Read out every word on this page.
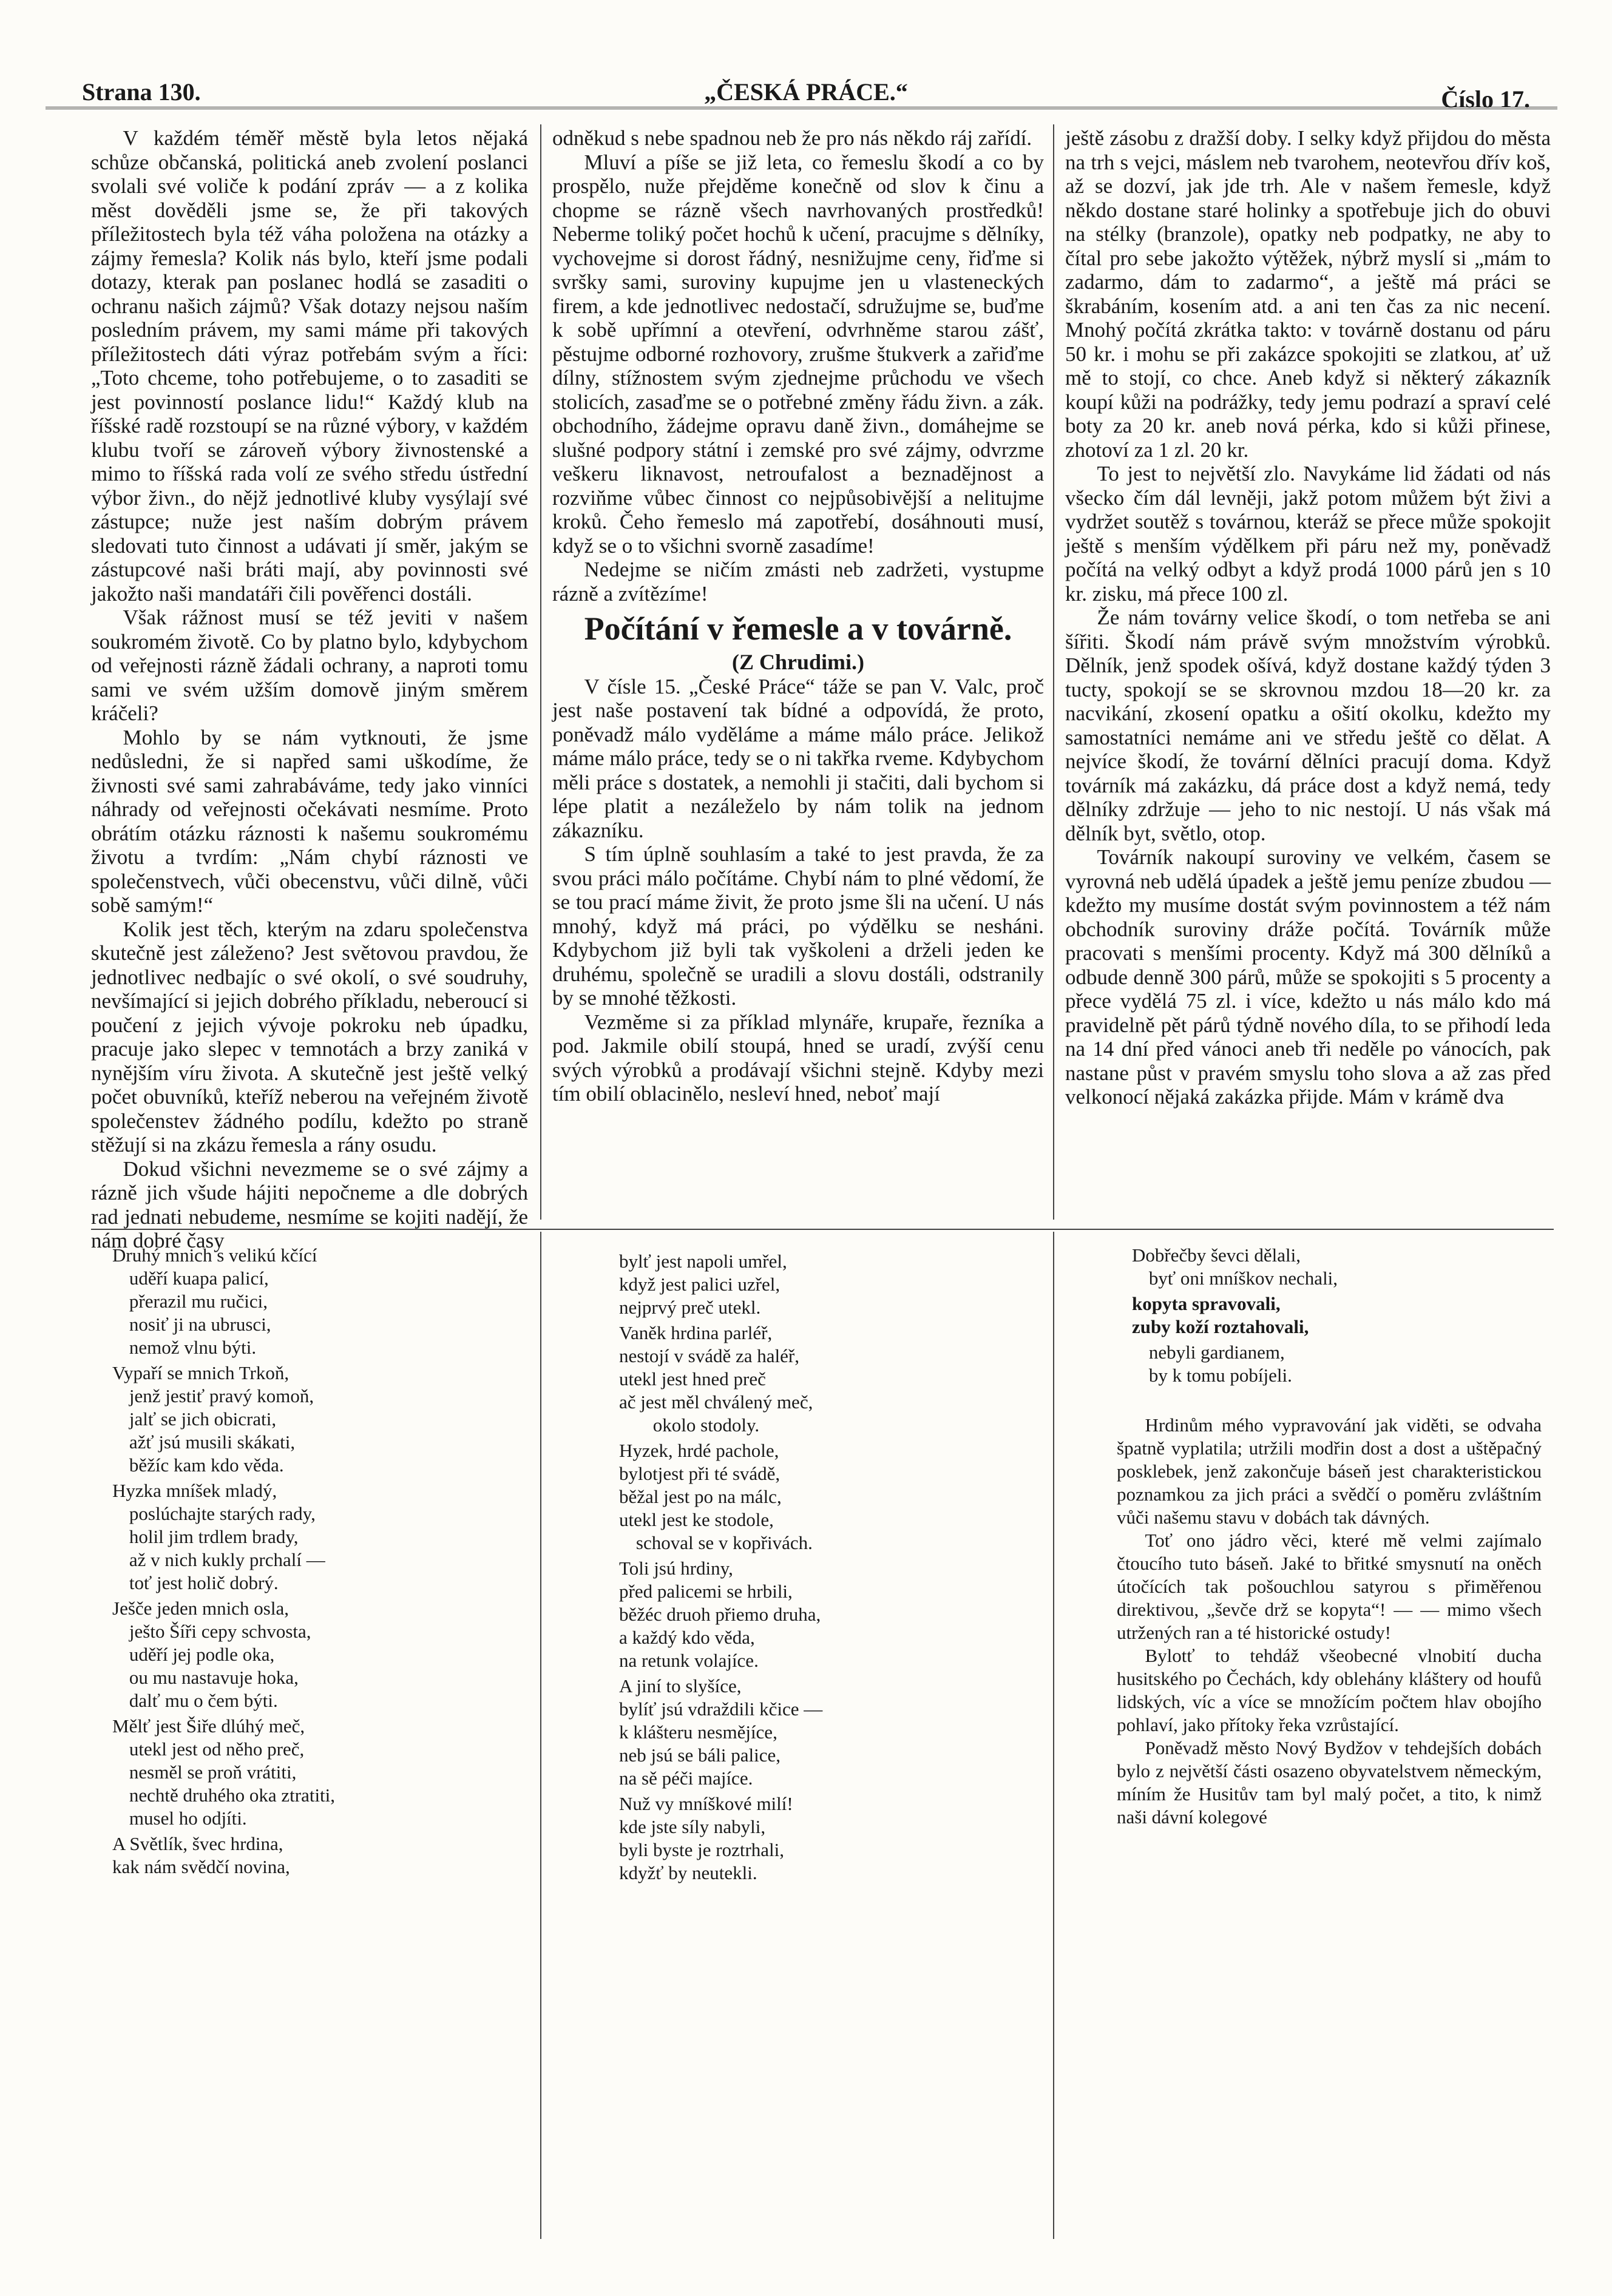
Strana 130.	„ČESKÁ PRÁCE.“	Číslo 17.

V každém téměř městě byla letos nějaká schůze občanská, politická aneb zvolení poslanci svolali své voliče k podání zpráv — a z kolika měst dověděli jsme se, že při takových příležitostech byla též váha položena na otázky a zájmy řemesla? Kolik nás bylo, kteří jsme podali dotazy, kterak pan poslanec hodlá se zasaditi o ochranu našich zájmů? Však dotazy nejsou naším posledním právem, my sami máme při takových příležitostech dáti výraz potřebám svým a říci: „Toto chceme, toho potřebujeme, o to zasaditi se jest povinností poslance lidu!“ Každý klub na říšské radě rozstoupí se na různé výbory, v každém klubu tvoří se zároveň výbory živnostenské a mimo to říšská rada volí ze svého středu ústřední výbor živn., do nějž jednotlivé kluby vysýlají své zástupce; nuže jest naším dobrým právem sledovati tuto činnost a udávati jí směr, jakým se zástupcové naši bráti mají, aby povinnosti své jakožto naši mandatáři čili pověřenci dostáli.

Však rážnost musí se též jeviti v našem soukromém životě. Co by platno bylo, kdybychom od veřejnosti rázně žádali ochrany, a naproti tomu sami ve svém užším domově jiným směrem kráčeli?

Mohlo by se nám vytknouti, že jsme nedůsledni, že si napřed sami uškodíme, že živnosti své sami zahrabáváme, tedy jako vinníci náhrady od veřejnosti očekávati nesmíme. Proto obrátím otázku ráznosti k našemu soukromému životu a tvrdím: „Nám chybí ráznosti ve společenstvech, vůči obecenstvu, vůči dilně, vůči sobě samým!“

Kolik jest těch, kterým na zdaru společenstva skutečně jest záleženo? Jest světovou pravdou, že jednotlivec nedbajíc o své okolí, o své soudruhy, nevšímající si jejich dobrého příkladu, neberoucí si poučení z jejich vývoje pokroku neb úpadku, pracuje jako slepec v temnotách a brzy zaniká v nynějším víru života. A skutečně jest ještě velký počet obuvníků, kteříž neberou na veřejném životě společenstev žádného podílu, kdežto po straně stěžují si na zkázu řemesla a rány osudu.

Dokud všichni nevezmeme se o své zájmy a rázně jich všude hájiti nepočneme a dle dobrých rad jednati nebudeme, nesmíme se kojiti nadějí, že nám dobré časy

odněkud s nebe spadnou neb že pro nás někdo ráj zařídí.

Mluví a píše se již leta, co řemeslu škodí a co by prospělo, nuže přejděme konečně od slov k činu a chopme se rázně všech navrhovaných prostředků! Neberme toliký počet hochů k učení, pracujme s dělníky, vychovejme si dorost řádný, nesnižujme ceny, řiďme si svršky sami, suroviny kupujme jen u vlasteneckých firem, a kde jednotlivec nedostačí, sdružujme se, buďme k sobě upřímní a otevření, odvrhněme starou zášť, pěstujme odborné rozhovory, zrušme štukverk a zařiďme dílny, stížnostem svým zjednejme průchodu ve všech stolicích, zasaďme se o potřebné změny řádu živn. a zák. obchodního, žádejme opravu daně živn., domáhejme se slušné podpory státní i zemské pro své zájmy, odvrzme veškeru liknavost, netroufalost a beznadějnost a rozviňme vůbec činnost co nejpůsobivější a nelitujme kroků. Čeho řemeslo má zapotřebí, dosáhnouti musí, když se o to všichni svorně zasadíme!

Nedejme se ničím zmásti neb zadržeti, vystupme rázně a zvítězíme!

Počítání v řemesle a v továrně.

(Z Chrudimi.)

V čísle 15. „České Práce“ táže se pan V. Valc, proč jest naše postavení tak bídné a odpovídá, že proto, poněvadž málo vyděláme a máme málo práce. Jelikož máme málo práce, tedy se o ni takřka rveme. Kdybychom měli práce s dostatek, a nemohli ji stačiti, dali bychom si lépe platit a nezáleželo by nám tolik na jednom zákazníku.

S tím úplně souhlasím a také to jest pravda, že za svou práci málo počítáme. Chybí nám to plné vědomí, že se tou prací máme živit, že proto jsme šli na učení. U nás mnohý, když má práci, po výdělku se nesháni. Kdybychom již byli tak vyškoleni a drželi jeden ke druhému, společně se uradili a slovu dostáli, odstranily by se mnohé těžkosti.

Vezměme si za příklad mlynáře, krupaře, řezníka a pod. Jakmile obilí stoupá, hned se uradí, zvýší cenu svých výrobků a prodávají všichni stejně. Kdyby mezi tím obilí oblacinělo, nesleví hned, neboť mají

ještě zásobu z dražší doby. I selky když přijdou do města na trh s vejci, máslem neb tvarohem, neotevřou dřív koš, až se dozví, jak jde trh. Ale v našem řemesle, když někdo dostane staré holinky a spotřebuje jich do obuvi na stélky (branzole), opatky neb podpatky, ne aby to čítal pro sebe jakožto výtěžek, nýbrž myslí si „mám to zadarmo, dám to zadarmo“, a ještě má práci se škrabáním, kosením atd. a ani ten čas za nic necení. Mnohý počítá zkrátka takto: v továrně dostanu od páru 50 kr. i mohu se při zakázce spokojiti se zlatkou, ať už mě to stojí, co chce. Aneb když si některý zákazník koupí kůži na podrážky, tedy jemu podrazí a spraví celé boty za 20 kr. aneb nová pérka, kdo si kůži přinese, zhotoví za 1 zl. 20 kr.

To jest to největší zlo. Navykáme lid žádati od nás všecko čím dál levněji, jakž potom můžem být živi a vydržet soutěž s továrnou, kteráž se přece může spokojit ještě s menším výdělkem při páru než my, poněvadž počítá na velký odbyt a když prodá 1000 párů jen s 10 kr. zisku, má přece 100 zl.

Že nám továrny velice škodí, o tom netřeba se ani šířiti. Škodí nám právě svým množstvím výrobků. Dělník, jenž spodek ošívá, když dostane každý týden 3 tucty, spokojí se se skrovnou mzdou 18—20 kr. za nacvikání, zkosení opatku a ošití okolku, kdežto my samostatníci nemáme ani ve středu ještě co dělat. A nejvíce škodí, že tovární dělníci pracují doma. Když továrník má zakázku, dá práce dost a když nemá, tedy dělníky zdržuje — jeho to nic nestojí. U nás však má dělník byt, světlo, otop.

Továrník nakoupí suroviny ve velkém, časem se vyrovná neb udělá úpadek a ještě jemu peníze zbudou — kdežto my musíme dostát svým povinnostem a též nám obchodník suroviny dráže počítá. Továrník může pracovati s menšími procenty. Když má 300 dělníků a odbude denně 300 párů, může se spokojiti s 5 procenty a přece vydělá 75 zl. i více, kdežto u nás málo kdo má pravidelně pět párů týdně nového díla, to se přihodí leda na 14 dní před vánoci aneb tři neděle po vánocích, pak nastane půst v pravém smyslu toho slova a až zas před velkonocí nějaká zakázka přijde. Mám v krámě dva

Druhý mnich s velikú kčící
uděří kuapa palicí,
přerazil mu ručici,
nosiť ji na ubrusci,
nemož vlnu býti.
Vypaří se mnich Trkoň,
jenž jestiť pravý komoň,
jalť se jich obicrati,
ažť jsú musili skákati,
běžíc kam kdo věda.
Hyzka mníšek mladý,
poslúchajte starých rady,
holil jim trdlem brady,
až v nich kukly prchalí —
toť jest holič dobrý.
Ješče jeden mnich osla,
ješto Šíři cepy schvosta,
uděří jej podle oka,
ou mu nastavuje hoka,
dalť mu o čem býti.
Mělť jest Šiře dlúhý meč,
utekl jest od něho preč,
nesměl se proň vrátiti,
nechtě druhého oka ztratiti,
musel ho odjíti.
A Světlík, švec hrdina,
kak nám svědčí novina,
bylť jest napoli umřel,
když jest palici uzřel,
nejprvý preč utekl.
Vaněk hrdina parléř,
nestojí v svádě za haléř,
utekl jest hned preč
ač jest měl chválený meč,
okolo stodoly.
Hyzek, hrdé pachole,
bylotjest při té svádě,
běžal jest po na málc,
utekl jest ke stodole,
schoval se v kopřivách.
Toli jsú hrdiny,
před palicemi se hrbili,
běžéc druoh přiemo druha,
a každý kdo věda,
na retunk volajíce.
A jiní to slyšíce,
bylíť jsú vdraždili kčice —
k klášteru nesmějíce,
neb jsú se báli palice,
na sě péči majíce.
Nuž vy mníškové milí!
kde jste síly nabyli,
byli byste je roztrhali,
kdyžť by neutekli.
Dobřečby ševci dělali,
byť oni mníškov nechali,
kopyta spravovali,
zuby koží roztahovali,
nebyli gardianem,
by k tomu pobíjeli.

Hrdinům mého vypravování jak viděti, se odvaha špatně vyplatila; utržili modřin dost a dost a uštěpačný posklebek, jenž zakončuje báseň jest charakteristickou poznamkou za jich práci a svědčí o poměru zvláštním vůči našemu stavu v dobách tak dávných.

Toť ono jádro věci, které mě velmi zajímalo čtoucího tuto báseň. Jaké to břitké smysnutí na oněch útočících tak pošouchlou satyrou s přiměřenou direktivou, „ševče drž se kopyta“! — — mimo všech utržených ran a té historické ostudy!

Bylotť to tehdáž všeobecné vlnobití ducha husitského po Čechách, kdy oblehány kláštery od houfů lidských, víc a více se množícím počtem hlav obojího pohlaví, jako přítoky řeka vzrůstající.

Poněvadž město Nový Bydžov v tehdejších dobách bylo z největší části osazeno obyvatelstvem německým, míním že Husitův tam byl malý počet, a tito, k nimž naši dávní kolegové
